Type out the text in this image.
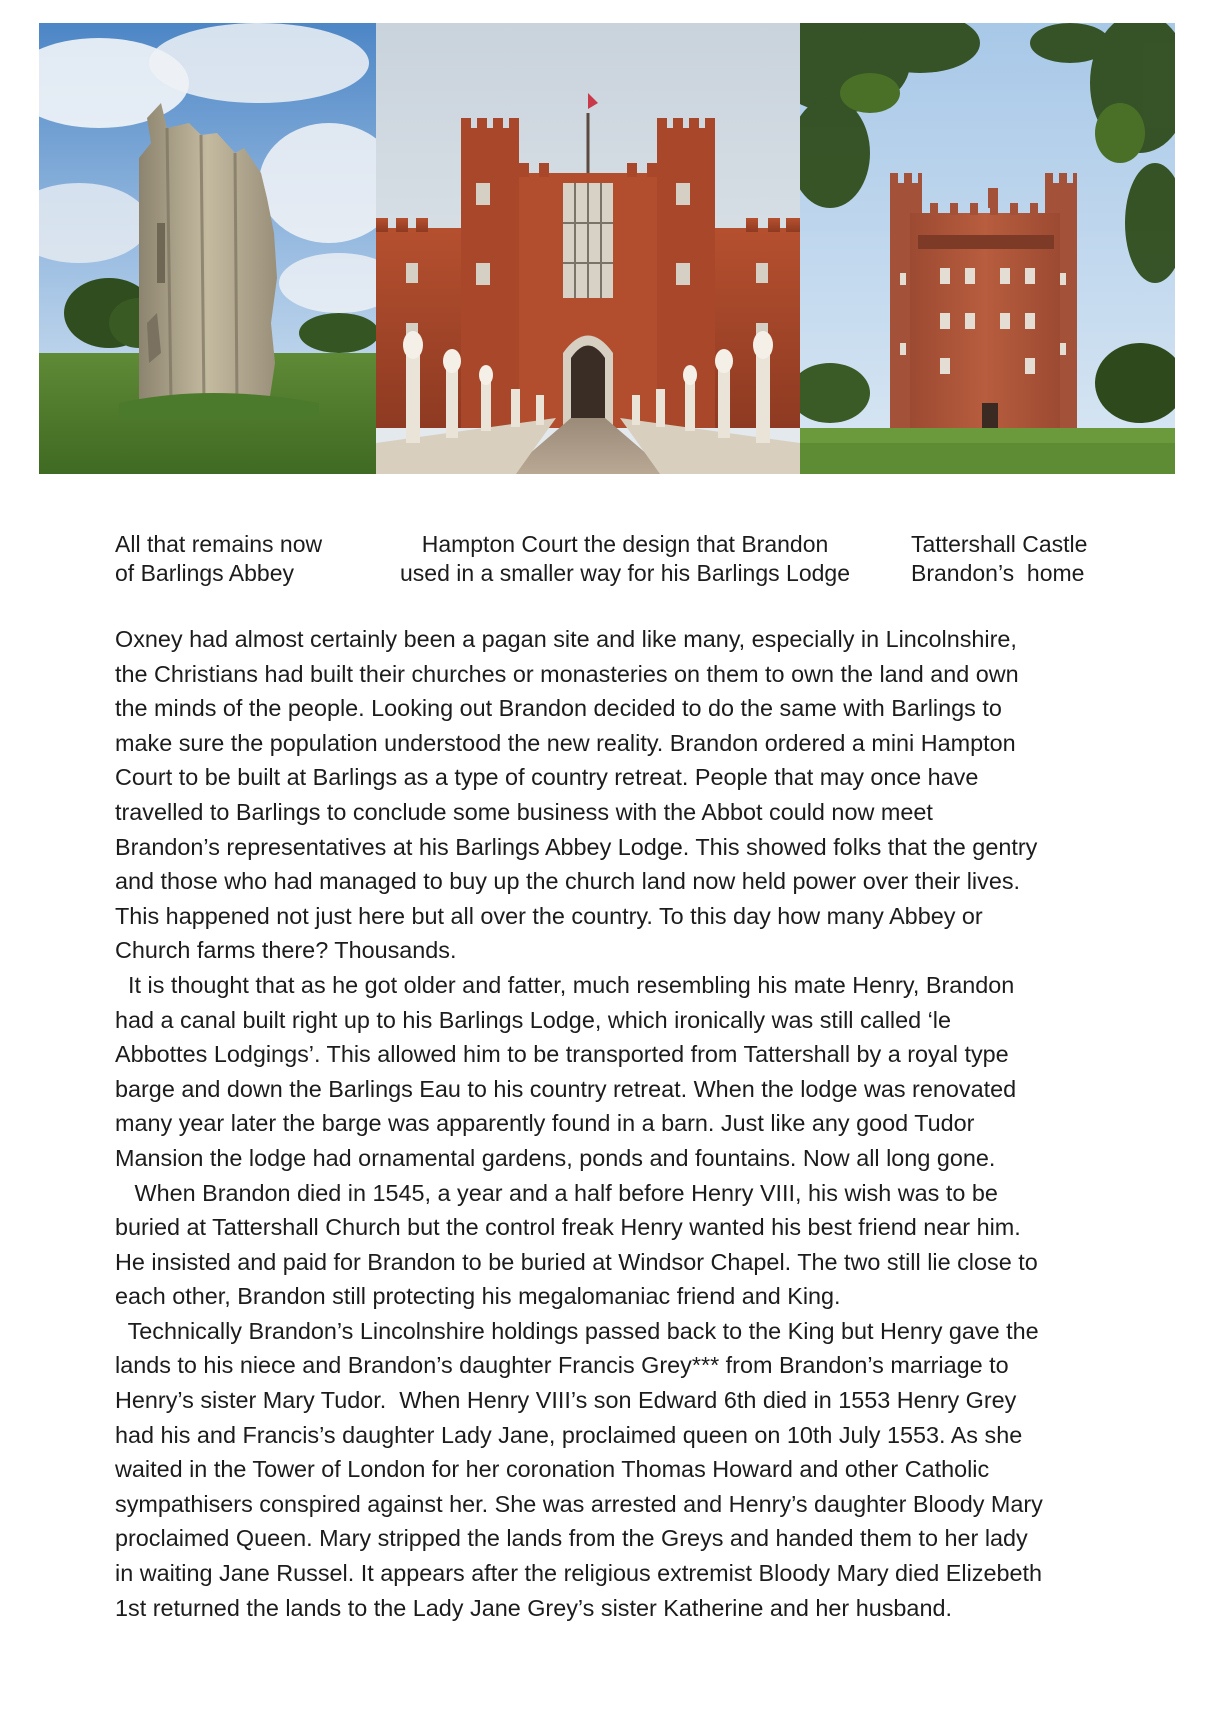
All that remains now
of Barlings Abbey
Hampton Court the design that Brandon
used in a smaller way for his Barlings Lodge
Tattershall Castle
Brandon’s  home
Oxney had almost certainly been a pagan site and like many, especially in Lincolnshire,
the Christians had built their churches or monasteries on them to own the land and own
the minds of the people. Looking out Brandon decided to do the same with Barlings to
make sure the population understood the new reality. Brandon ordered a mini Hampton
Court to be built at Barlings as a type of country retreat. People that may once have
travelled to Barlings to conclude some business with the Abbot could now meet
Brandon’s representatives at his Barlings Abbey Lodge. This showed folks that the gentry
and those who had managed to buy up the church land now held power over their lives.
This happened not just here but all over the country. To this day how many Abbey or
Church farms there? Thousands.
It is thought that as he got older and fatter, much resembling his mate Henry, Brandon
had a canal built right up to his Barlings Lodge, which ironically was still called ‘le
Abbottes Lodgings’. This allowed him to be transported from Tattershall by a royal type
barge and down the Barlings Eau to his country retreat. When the lodge was renovated
many year later the barge was apparently found in a barn. Just like any good Tudor
Mansion the lodge had ornamental gardens, ponds and fountains. Now all long gone.
When Brandon died in 1545, a year and a half before Henry VIII, his wish was to be
buried at Tattershall Church but the control freak Henry wanted his best friend near him.
He insisted and paid for Brandon to be buried at Windsor Chapel. The two still lie close to
each other, Brandon still protecting his megalomaniac friend and King.
Technically Brandon’s Lincolnshire holdings passed back to the King but Henry gave the
lands to his niece and Brandon’s daughter Francis Grey*** from Brandon’s marriage to
Henry’s sister Mary Tudor.  When Henry VIII’s son Edward 6th died in 1553 Henry Grey
had his and Francis’s daughter Lady Jane, proclaimed queen on 10th July 1553. As she
waited in the Tower of London for her coronation Thomas Howard and other Catholic
sympathisers conspired against her. She was arrested and Henry’s daughter Bloody Mary
proclaimed Queen. Mary stripped the lands from the Greys and handed them to her lady
in waiting Jane Russel. It appears after the religious extremist Bloody Mary died Elizebeth
1st returned the lands to the Lady Jane Grey’s sister Katherine and her husband.
